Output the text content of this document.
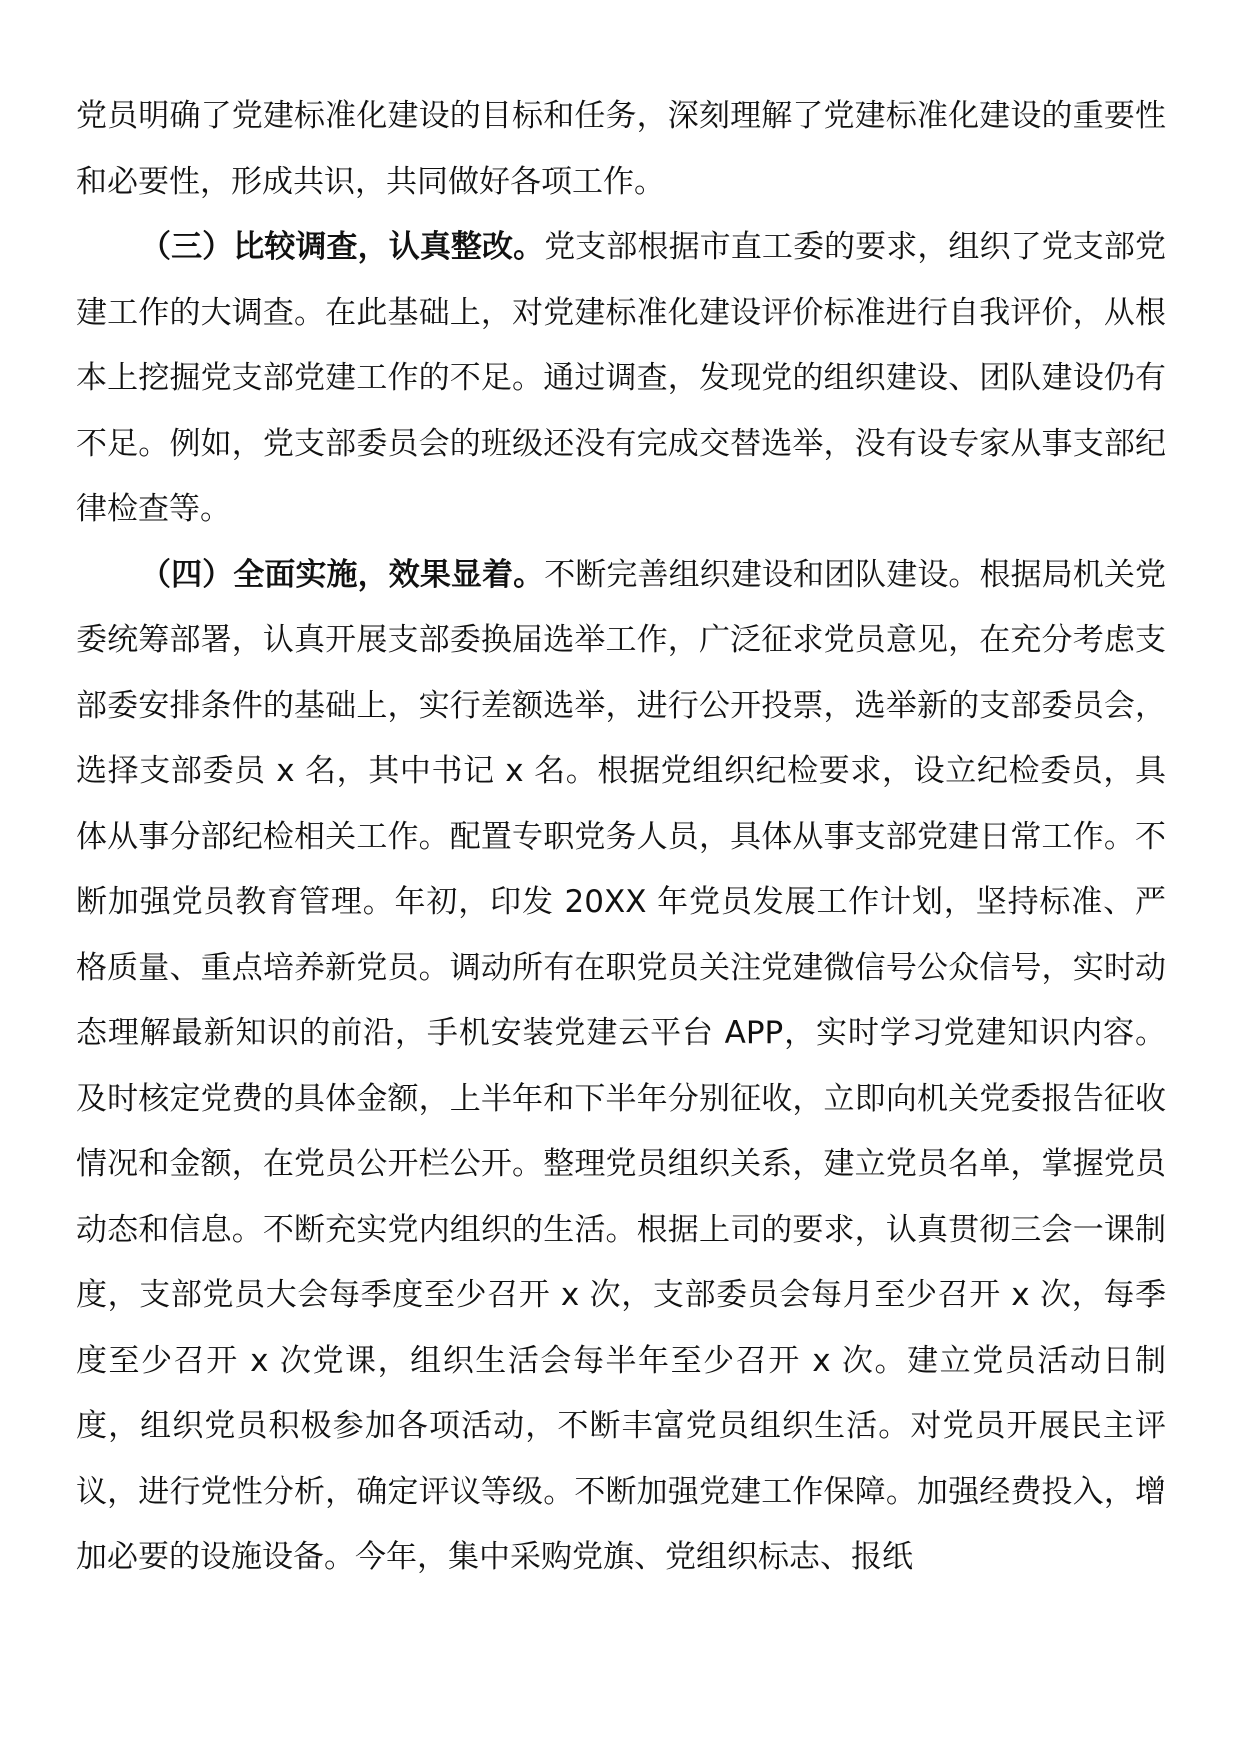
党员明确了党建标准化建设的目标和任务，深刻理解了党建标准化建设的重要性和必要性，形成共识，共同做好各项工作。

（三）比较调查，认真整改。党支部根据市直工委的要求，组织了党支部党建工作的大调查。在此基础上，对党建标准化建设评价标准进行自我评价，从根本上挖掘党支部党建工作的不足。通过调查，发现党的组织建设、团队建设仍有不足。例如，党支部委员会的班级还没有完成交替选举，没有设专家从事支部纪律检查等。

（四）全面实施，效果显着。不断完善组织建设和团队建设。根据局机关党委统筹部署，认真开展支部委换届选举工作，广泛征求党员意见，在充分考虑支部委安排条件的基础上，实行差额选举，进行公开投票，选举新的支部委员会，选择支部委员 x 名，其中书记 x 名。根据党组织纪检要求，设立纪检委员，具体从事分部纪检相关工作。配置专职党务人员，具体从事支部党建日常工作。不断加强党员教育管理。年初，印发 20XX 年党员发展工作计划，坚持标准、严格质量、重点培养新党员。调动所有在职党员关注党建微信号公众信号，实时动态理解最新知识的前沿，手机安装党建云平台 APP，实时学习党建知识内容。及时核定党费的具体金额，上半年和下半年分别征收，立即向机关党委报告征收情况和金额，在党员公开栏公开。整理党员组织关系，建立党员名单，掌握党员动态和信息。不断充实党内组织的生活。根据上司的要求，认真贯彻三会一课制度，支部党员大会每季度至少召开 x 次，支部委员会每月至少召开 x 次，每季度至少召开 x 次党课，组织生活会每半年至少召开 x 次。建立党员活动日制度，组织党员积极参加各项活动，不断丰富党员组织生活。对党员开展民主评议，进行党性分析，确定评议等级。不断加强党建工作保障。加强经费投入，增加必要的设施设备。今年，集中采购党旗、党组织标志、报纸
